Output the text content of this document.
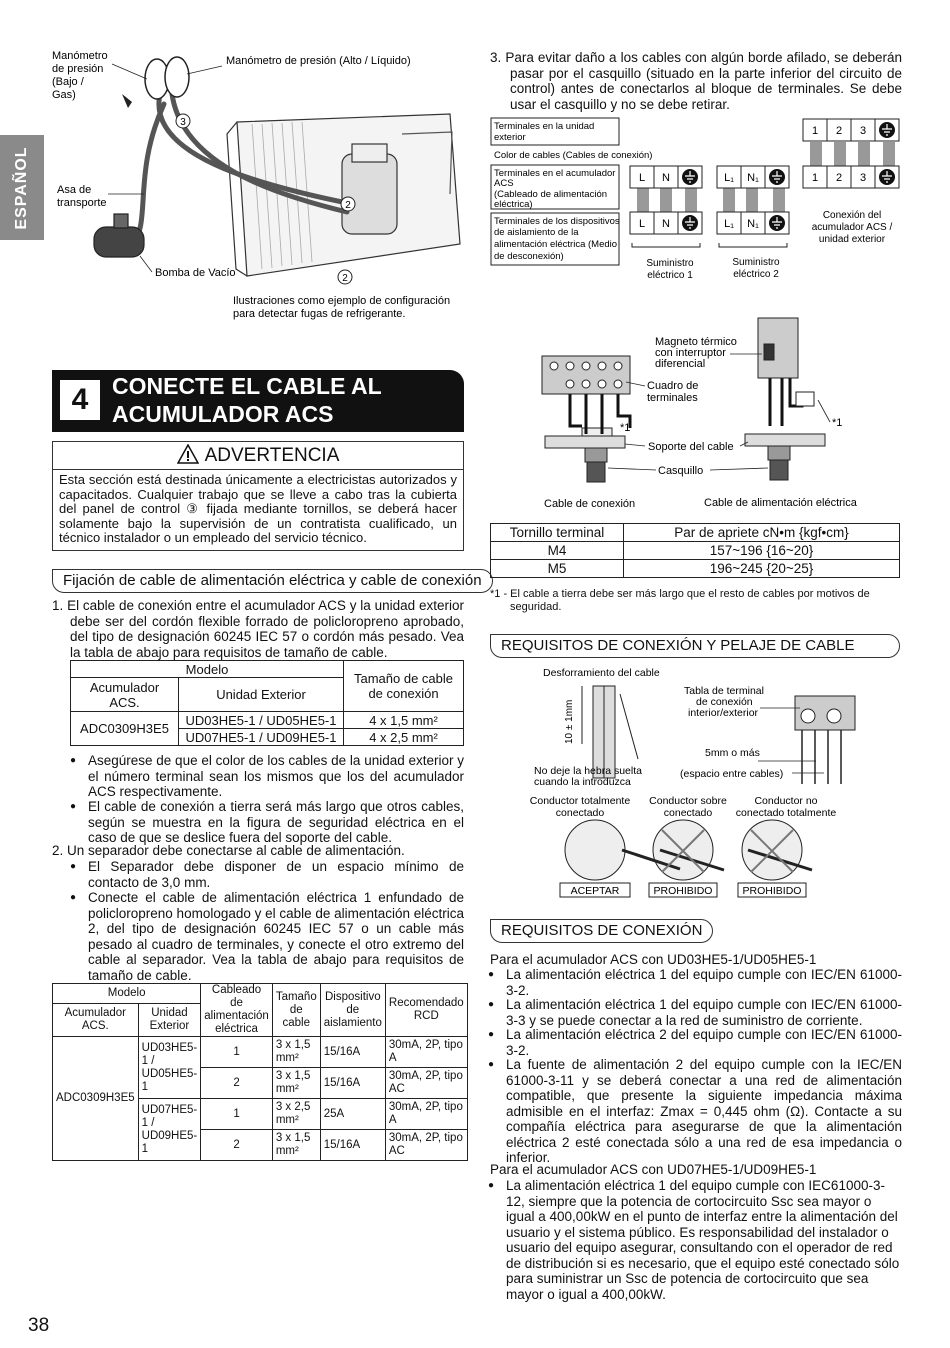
ESPAÑOL
3
2
2
Manómetro
de presión
(Bajo /
Gas)
Manómetro de presión (Alto / Líquido)
Asa de
transporte
Bomba de Vacío
Ilustraciones como ejemplo de configuración
para detectar fugas de refrigerante.
4	CONECTE EL CABLE AL
ACUMULADOR ACS
ADVERTENCIA
Esta sección está destinada únicamente a electricistas autorizados y capacitados. Cualquier trabajo que se lleve a cabo tras la cubierta del panel de control ③ fijada mediante tornillos, se deberá hacer solamente bajo la supervisión de un contratista cualificado, un técnico instalador o un empleado del servicio técnico.
Fijación de cable de alimentación eléctrica y cable de conexión
1. El cable de conexión entre el acumulador ACS y la unidad exterior debe ser del cordón flexible forrado de policloropreno aprobado, del tipo de designación 60245 IEC 57 o cordón más pesado. Vea la tabla de abajo para requisitos de tamaño de cable.
Modelo		Tamaño de cable de conexión
Acumulador ACS.	Unidad Exterior	
ADC0309H3E5	UD03HE5-1 / UD05HE5-1	4 x 1,5 mm²
	UD07HE5-1 / UD09HE5-1	4 x 2,5 mm²
● Asegúrese de que el color de los cables de la unidad exterior y el número terminal sean los mismos que los del acumulador ACS respectivamente.
● El cable de conexión a tierra será más largo que otros cables, según se muestra en la figura de seguridad eléctrica en el caso de que se deslice fuera del soporte del cable.
2. Un separador debe conectarse al cable de alimentación.
● El Separador debe disponer de un espacio mínimo de contacto de 3,0 mm.
● Conecte el cable de alimentación eléctrica 1 enfundado de policloropreno homologado y el cable de alimentación eléctrica 2, del tipo de designación 60245 IEC 57 o un cable más pesado al cuadro de terminales, y conecte el otro extremo del cable al separador. Vea la tabla de abajo para requisitos de tamaño de cable.
Modelo		Cableado de alimentación eléctrica	Tamaño de cable	Dispositivo de aislamiento	Recomendado RCD
Acumulador ACS.	Unidad Exterior				
ADC0309H3E5	UD03HE5-1 / UD05HE5-1	1	3 x 1,5 mm²	15/16A	30mA, 2P, tipo A
		2	3 x 1,5 mm²	15/16A	30mA, 2P, tipo AC
	UD07HE5-1 / UD09HE5-1	1	3 x 2,5 mm²	25A	30mA, 2P, tipo A
		2	3 x 1,5 mm²	15/16A	30mA, 2P, tipo AC
38
3. Para evitar daño a los cables con algún borde afilado, se deberán pasar por el casquillo (situado en la parte inferior del circuito de control) antes de conectarlos al bloque de terminales. Se debe usar el casquillo y no se debe retirar.
Terminales en la unidad
exterior
Color de cables (Cables de conexión)
Terminales en el acumulador
ACS
(Cableado de alimentación
eléctrica)
Terminales de los dispositivos
de aislamiento de la
alimentación eléctrica (Medio
de desconexión)
L N
L N
L₁ N₁
L₁ N₁
1 2 3
1 2 3
Suministro
eléctrico 1
Suministro
eléctrico 2
Conexión del
acumulador ACS /
unidad exterior
Magneto térmico
con interruptor
diferencial
Cuadro de
terminales
*1	*1
Soporte del cable
Casquillo
Cable de conexión	Cable de alimentación eléctrica
Tornillo terminal	Par de apriete cN•m {kgf•cm}
M4	157~196 {16~20}
M5	196~245 {20~25}
*1 - El cable a tierra debe ser más largo que el resto de cables por motivos de seguridad.
REQUISITOS DE CONEXIÓN Y PELAJE DE CABLE
Desforramiento del cable
Tabla de terminal
de conexión
interior/exterior
5mm o más
(espacio entre cables)
No deje la hebra suelta
cuando la introduzca
10 ± 1mm
Conductor totalmente
conectado
Conductor sobre
conectado
Conductor no
conectado totalmente
ACEPTAR	PROHIBIDO	PROHIBIDO
REQUISITOS DE CONEXIÓN
Para el acumulador ACS con UD03HE5-1/UD05HE5-1
● La alimentación eléctrica 1 del equipo cumple con IEC/EN 61000-3-2.
● La alimentación eléctrica 1 del equipo cumple con IEC/EN 61000-3-3 y se puede conectar a la red de suministro de corriente.
● La alimentación eléctrica 2 del equipo cumple con IEC/EN 61000-3-2.
● La fuente de alimentación 2 del equipo cumple con la IEC/EN 61000-3-11 y se deberá conectar a una red de alimentación compatible, que presente la siguiente impedancia máxima admisible en el interfaz: Zmax = 0,445 ohm (Ω). Contacte a su compañía eléctrica para asegurarse de que la alimentación eléctrica 2 esté conectada sólo a una red de esa impedancia o inferior.
Para el acumulador ACS con UD07HE5-1/UD09HE5-1
● La alimentación eléctrica 1 del equipo cumple con IEC61000-3-12, siempre que la potencia de cortocircuito Ssc sea mayor o igual a 400,00kW en el punto de interfaz entre la alimentación del usuario y el sistema público. Es responsabilidad del instalador o usuario del equipo asegurar, consultando con el operador de red de distribución si es necesario, que el equipo esté conectado sólo para suministrar un Ssc de potencia de cortocircuito que sea mayor o igual a 400,00kW.
